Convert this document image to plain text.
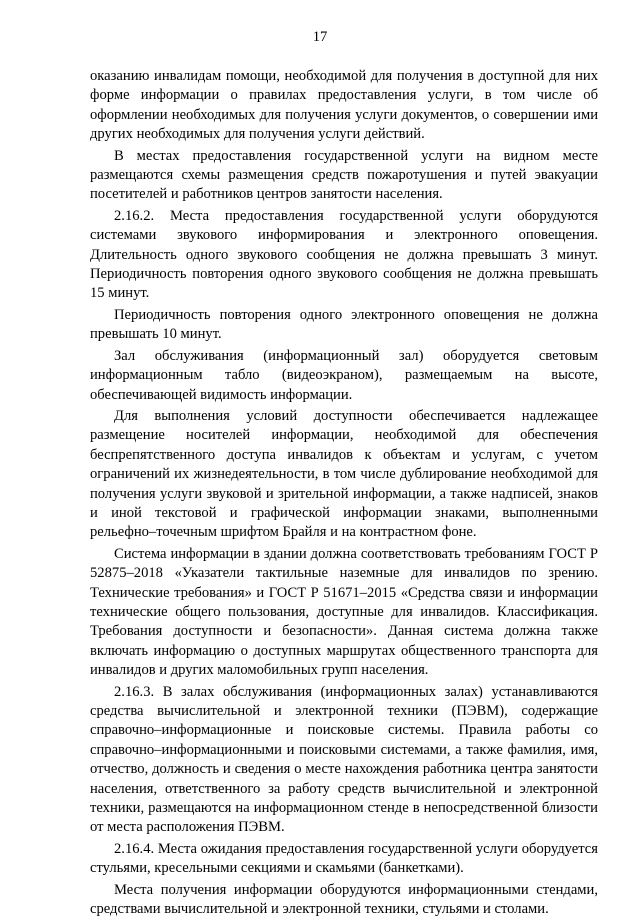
17

оказанию инвалидам помощи, необходимой для получения в доступной для них форме информации о правилах предоставления услуги, в том числе об оформлении необходимых для получения услуги документов, о совершении ими других необходимых для получения услуги действий.

В местах предоставления государственной услуги на видном месте размещаются схемы размещения средств пожаротушения и путей эвакуации посетителей и работников центров занятости населения.

2.16.2. Места предоставления государственной услуги оборудуются системами звукового информирования и электронного оповещения. Длительность одного звукового сообщения не должна превышать 3 минут. Периодичность повторения одного звукового сообщения не должна превышать 15 минут.

Периодичность повторения одного электронного оповещения не должна превышать 10 минут.

Зал обслуживания (информационный зал) оборудуется световым информационным табло (видеоэкраном), размещаемым на высоте, обеспечивающей видимость информации.

Для выполнения условий доступности обеспечивается надлежащее размещение носителей информации, необходимой для обеспечения беспрепятственного доступа инвалидов к объектам и услугам, с учетом ограничений их жизнедеятельности, в том числе дублирование необходимой для получения услуги звуковой и зрительной информации, а также надписей, знаков и иной текстовой и графической информации знаками, выполненными рельефно–точечным шрифтом Брайля и на контрастном фоне.

Система информации в здании должна соответствовать требованиям ГОСТ Р 52875–2018 «Указатели тактильные наземные для инвалидов по зрению. Технические требования» и ГОСТ Р 51671–2015 «Средства связи и информации технические общего пользования, доступные для инвалидов. Классификация. Требования доступности и безопасности». Данная система должна также включать информацию о доступных маршрутах общественного транспорта для инвалидов и других маломобильных групп населения.

2.16.3. В залах обслуживания (информационных залах) устанавливаются средства вычислительной и электронной техники (ПЭВМ), содержащие справочно–информационные и поисковые системы. Правила работы со справочно–информационными и поисковыми системами, а также фамилия, имя, отчество, должность и сведения о месте нахождения работника центра занятости населения, ответственного за работу средств вычислительной и электронной техники, размещаются на информационном стенде в непосредственной близости от места расположения ПЭВМ.

2.16.4. Места ожидания предоставления государственной услуги оборудуется стульями, кресельными секциями и скамьями (банкетками).

Места получения информации оборудуются информационными стендами, средствами вычислительной и электронной техники, стульями и столами.
